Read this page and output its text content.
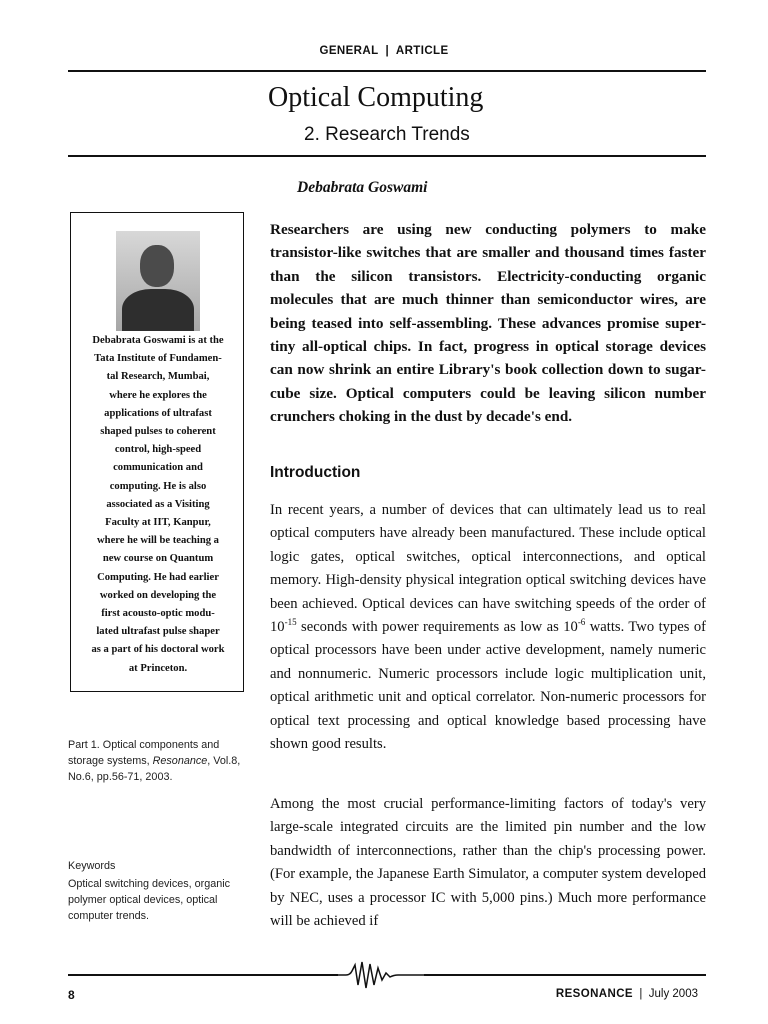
GENERAL | ARTICLE
Optical Computing
2. Research Trends
Debabrata Goswami
Debabrata Goswami is at the
Tata Institute of Fundamen-
tal Research, Mumbai,
where he explores the
applications of ultrafast
shaped pulses to coherent
control, high-speed
communication and
computing. He is also
associated as a Visiting
Faculty at IIT, Kanpur,
where he will be teaching a
new course on Quantum
Computing. He had earlier
worked on developing the
first acousto-optic modu-
lated ultrafast pulse shaper
as a part of his doctoral work
at Princeton.
Part 1. Optical components and storage systems, Resonance, Vol.8, No.6, pp.56-71, 2003.
Keywords
Optical switching devices, organic polymer optical devices, optical computer trends.
Researchers are using new conducting polymers to make transistor-like switches that are smaller and thousand times faster than the silicon transistors. Electricity-conducting organic molecules that are much thinner than semiconductor wires, are being teased into self-assembling. These advances promise super-tiny all-optical chips. In fact, progress in optical storage devices can now shrink an entire Library's book collection down to sugar-cube size. Optical computers could be leaving silicon number crunchers choking in the dust by decade's end.
Introduction
In recent years, a number of devices that can ultimately lead us to real optical computers have already been manufactured. These include optical logic gates, optical switches, optical interconnections, and optical memory. High-density physical integration optical switching devices have been achieved. Optical devices can have switching speeds of the order of $10^{-15}$ seconds with power requirements as low as $10^{-6}$ watts. Two types of optical processors have been under active development, namely numeric and nonnumeric. Numeric processors include logic multiplication unit, optical arithmetic unit and optical correlator. Non-numeric processors for optical text processing and optical knowledge based processing have shown good results.
Among the most crucial performance-limiting factors of today's very large-scale integrated circuits are the limited pin number and the low bandwidth of interconnections, rather than the chip's processing power. (For example, the Japanese Earth Simulator, a computer system developed by NEC, uses a processor IC with 5,000 pins.) Much more performance will be achieved if
8	RESONANCE | July 2003
